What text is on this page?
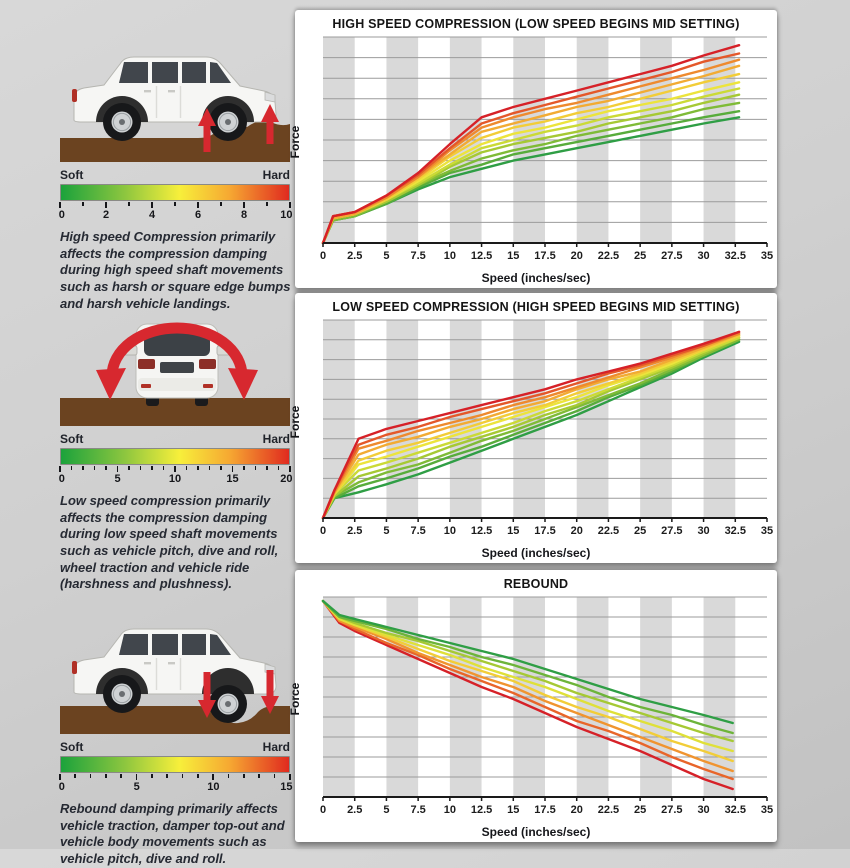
Soft	Hard
0	2	4	6	8	10

High speed Compression primarily affects the compression damping during high speed shaft movements such as harsh or square edge bumps and harsh vehicle landings.

HIGH SPEED COMPRESSION (LOW SPEED BEGINS MID SETTING)
Force
0 2.5 5 7.5 10 12.5 15 17.5 20 22.5 25 27.5 30 32.5 35
Speed (inches/sec)
Soft	Hard
0	5	10	15	20

Low speed compression primarily affects the compression damping during low speed shaft movements such as vehicle pitch, dive and roll, wheel traction and vehicle ride (harshness and plushness).

LOW SPEED COMPRESSION (HIGH SPEED BEGINS MID SETTING)
Force
0 2.5 5 7.5 10 12.5 15 17.5 20 22.5 25 27.5 30 32.5 35
Speed (inches/sec)
Soft	Hard
0	5	10	15

Rebound damping primarily affects vehicle traction, damper top-out and vehicle body movements such as vehicle pitch, dive and roll.

REBOUND
Force
0 2.5 5 7.5 10 12.5 15 17.5 20 22.5 25 27.5 30 32.5 35
Speed (inches/sec)
